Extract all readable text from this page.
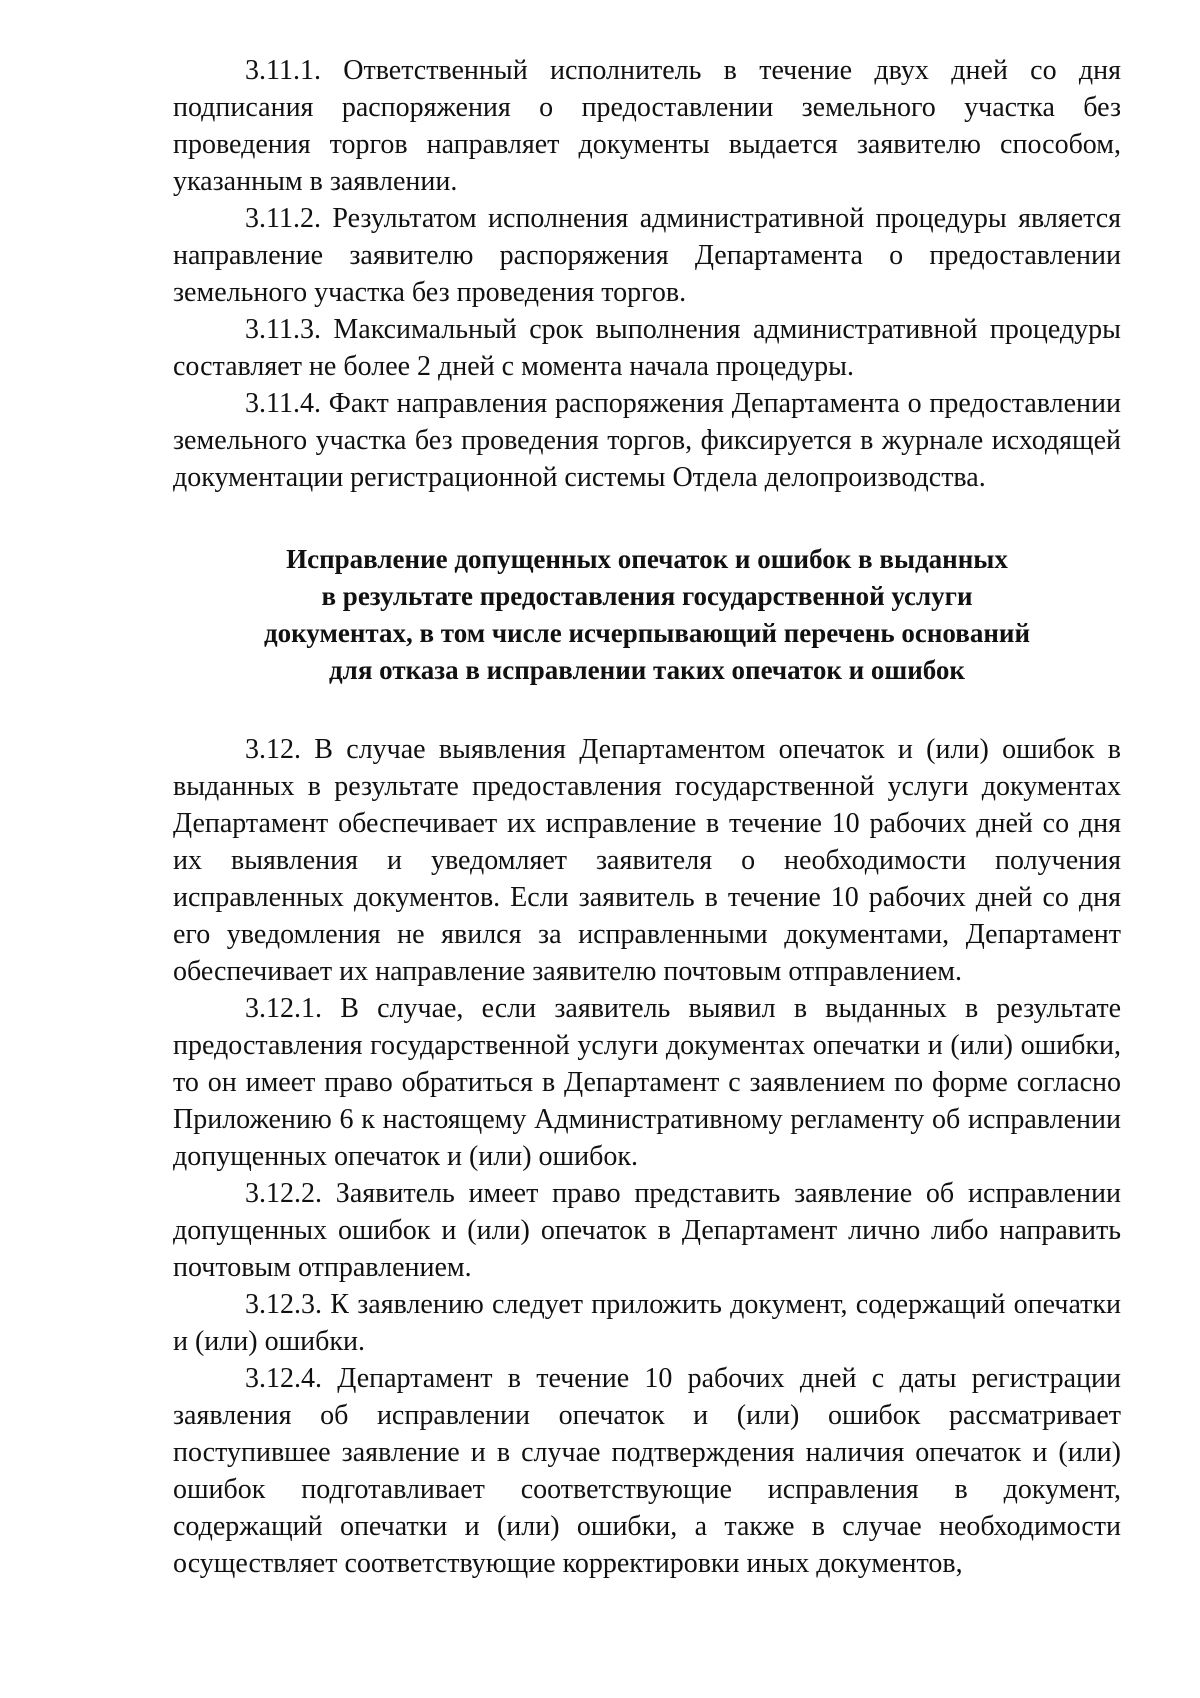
3.11.1. Ответственный исполнитель в течение двух дней со дня подписания распоряжения о предоставлении земельного участка без проведения торгов направляет документы выдается заявителю способом, указанным в заявлении.

3.11.2. Результатом исполнения административной процедуры является направление заявителю распоряжения Департамента о предоставлении земельного участка без проведения торгов.

3.11.3. Максимальный срок выполнения административной процедуры составляет не более 2 дней с момента начала процедуры.

3.11.4. Факт направления распоряжения Департамента о предоставлении земельного участка без проведения торгов, фиксируется в журнале исходящей документации регистрационной системы Отдела делопроизводства.

Исправление допущенных опечаток и ошибок в выданных
в результате предоставления государственной услуги
документах, в том числе исчерпывающий перечень оснований
для отказа в исправлении таких опечаток и ошибок

3.12. В случае выявления Департаментом опечаток и (или) ошибок в выданных в результате предоставления государственной услуги документах Департамент обеспечивает их исправление в течение 10 рабочих дней со дня их выявления и уведомляет заявителя о необходимости получения исправленных документов. Если заявитель в течение 10 рабочих дней со дня его уведомления не явился за исправленными документами, Департамент обеспечивает их направление заявителю почтовым отправлением.

3.12.1. В случае, если заявитель выявил в выданных в результате предоставления государственной услуги документах опечатки и (или) ошибки, то он имеет право обратиться в Департамент с заявлением по форме согласно Приложению 6 к настоящему Административному регламенту об исправлении допущенных опечаток и (или) ошибок.

3.12.2. Заявитель имеет право представить заявление об исправлении допущенных ошибок и (или) опечаток в Департамент лично либо направить почтовым отправлением.

3.12.3. К заявлению следует приложить документ, содержащий опечатки и (или) ошибки.

3.12.4. Департамент в течение 10 рабочих дней с даты регистрации заявления об исправлении опечаток и (или) ошибок рассматривает поступившее заявление и в случае подтверждения наличия опечаток и (или) ошибок подготавливает соответствующие исправления в документ, содержащий опечатки и (или) ошибки, а также в случае необходимости осуществляет соответствующие корректировки иных документов,
